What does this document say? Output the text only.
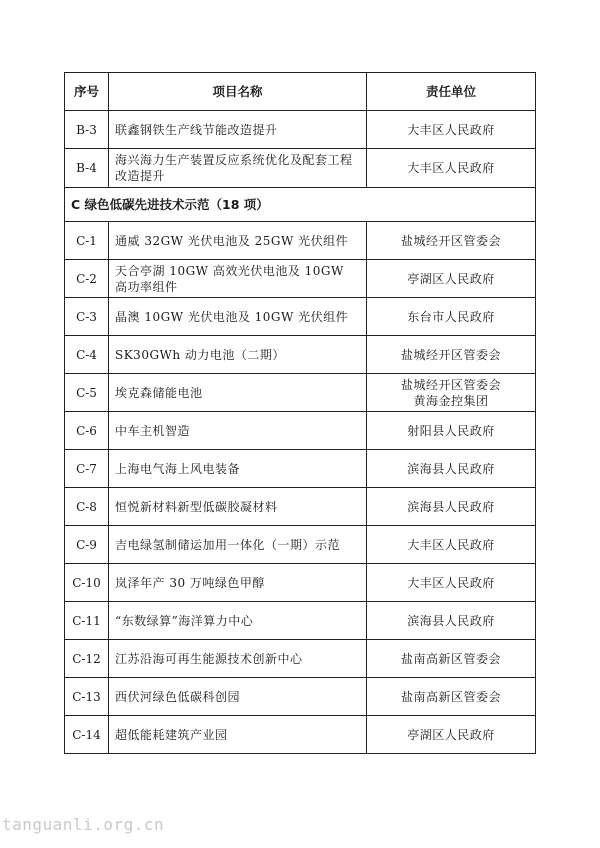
序号	项目名称	责任单位
B-3	联鑫钢铁生产线节能改造提升	大丰区人民政府
B-4	海兴海力生产装置反应系统优化及配套工程改造提升	大丰区人民政府
C 绿色低碳先进技术示范（18 项）		
C-1	通威 32GW 光伏电池及 25GW 光伏组件	盐城经开区管委会
C-2	天合亭湖 10GW 高效光伏电池及 10GW 高功率组件	亭湖区人民政府
C-3	晶澳 10GW 光伏电池及 10GW 光伏组件	东台市人民政府
C-4	SK30GWh 动力电池（二期）	盐城经开区管委会
C-5	埃克森储能电池	盐城经开区管委会
黄海金控集团

C-6	中车主机智造	射阳县人民政府
C-7	上海电气海上风电装备	滨海县人民政府
C-8	恒悦新材料新型低碳胶凝材料	滨海县人民政府
C-9	吉电绿氢制储运加用一体化（一期）示范	大丰区人民政府
C-10	岚泽年产 30 万吨绿色甲醇	大丰区人民政府
C-11	“东数绿算”海洋算力中心	滨海县人民政府
C-12	江苏沿海可再生能源技术创新中心	盐南高新区管委会
C-13	西伏河绿色低碳科创园	盐南高新区管委会
C-14	超低能耗建筑产业园	亭湖区人民政府
tanguanli.org.cn
